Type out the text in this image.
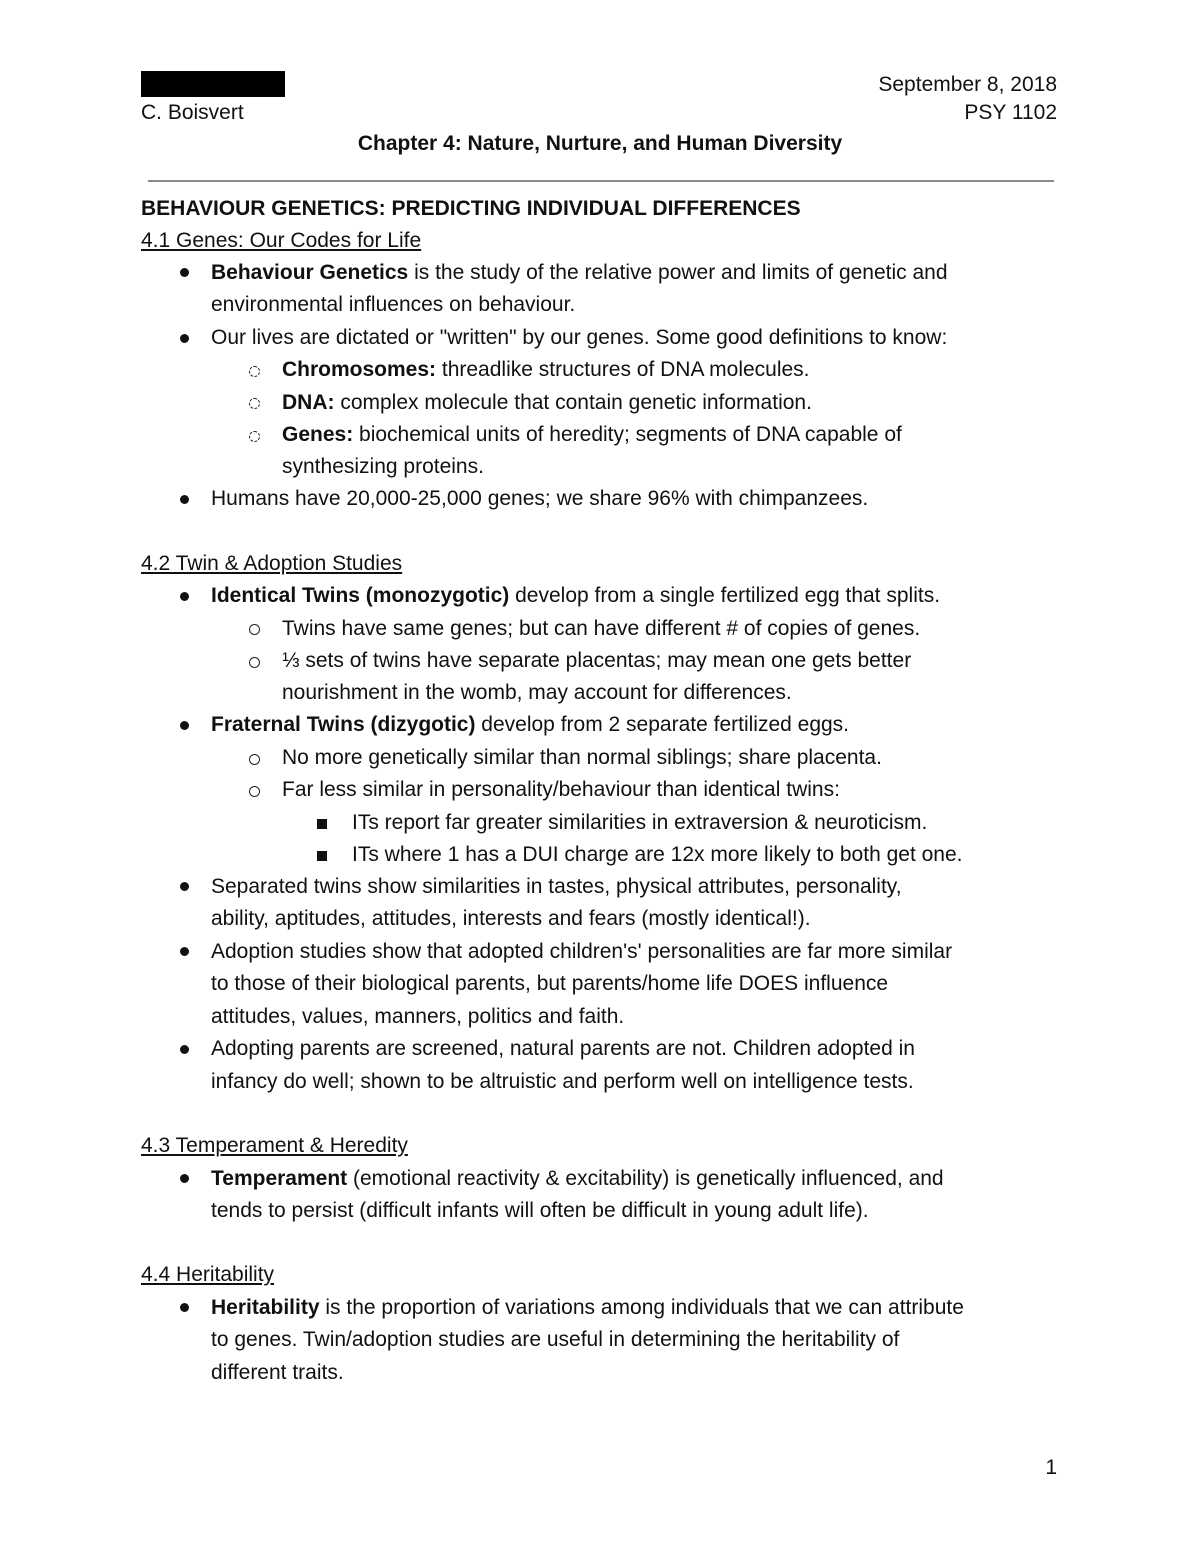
September 8, 2018
C. Boisvert	PSY 1102
Chapter 4: Nature, Nurture, and Human Diversity
BEHAVIOUR GENETICS: PREDICTING INDIVIDUAL DIFFERENCES
4.1 Genes: Our Codes for Life
Behaviour Genetics is the study of the relative power and limits of genetic and
environmental influences on behaviour.
Our lives are dictated or "written" by our genes. Some good definitions to know:
Chromosomes: threadlike structures of DNA molecules.
DNA: complex molecule that contain genetic information.
Genes: biochemical units of heredity; segments of DNA capable of
synthesizing proteins.
Humans have 20,000-25,000 genes; we share 96% with chimpanzees.
4.2 Twin & Adoption Studies
Identical Twins (monozygotic) develop from a single fertilized egg that splits.
Twins have same genes; but can have different # of copies of genes.
⅓ sets of twins have separate placentas; may mean one gets better
nourishment in the womb, may account for differences.
Fraternal Twins (dizygotic) develop from 2 separate fertilized eggs.
No more genetically similar than normal siblings; share placenta.
Far less similar in personality/behaviour than identical twins:
ITs report far greater similarities in extraversion & neuroticism.
ITs where 1 has a DUI charge are 12x more likely to both get one.
Separated twins show similarities in tastes, physical attributes, personality,
ability, aptitudes, attitudes, interests and fears (mostly identical!).
Adoption studies show that adopted children's' personalities are far more similar
to those of their biological parents, but parents/home life DOES influence
attitudes, values, manners, politics and faith.
Adopting parents are screened, natural parents are not. Children adopted in
infancy do well; shown to be altruistic and perform well on intelligence tests.
4.3 Temperament & Heredity
Temperament (emotional reactivity & excitability) is genetically influenced, and
tends to persist (difficult infants will often be difficult in young adult life).
4.4 Heritability
Heritability is the proportion of variations among individuals that we can attribute
to genes. Twin/adoption studies are useful in determining the heritability of
different traits.
1
